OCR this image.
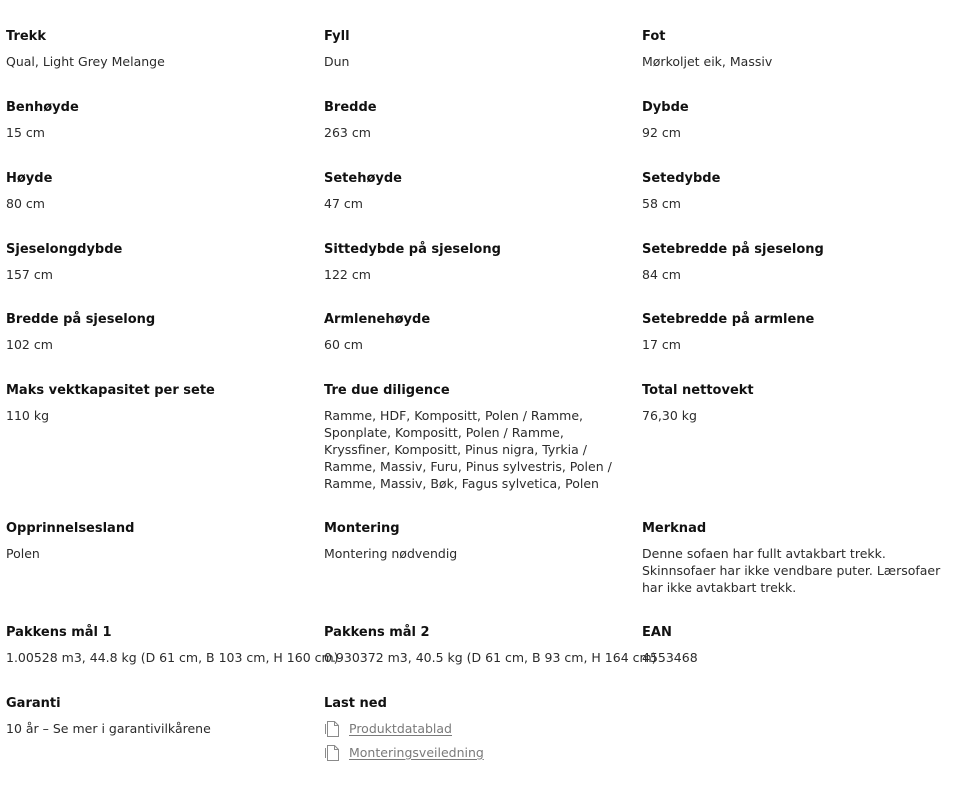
Trekk
Qual, Light Grey Melange
Fyll
Dun
Fot
Mørkoljet eik, Massiv
Benhøyde
15 cm
Bredde
263 cm
Dybde
92 cm
Høyde
80 cm
Setehøyde
47 cm
Setedybde
58 cm
Sjeselongdybde
157 cm
Sittedybde på sjeselong
122 cm
Setebredde på sjeselong
84 cm
Bredde på sjeselong
102 cm
Armlenehøyde
60 cm
Setebredde på armlene
17 cm
Maks vektkapasitet per sete
110 kg
Tre due diligence
Ramme, HDF, Kompositt, Polen / Ramme, Sponplate, Kompositt, Polen / Ramme, Kryssfiner, Kompositt, Pinus nigra, Tyrkia / Ramme, Massiv, Furu, Pinus sylvestris, Polen / Ramme, Massiv, Bøk, Fagus sylvetica, Polen
Total nettovekt
76,30 kg
Opprinnelsesland
Polen
Montering
Montering nødvendig
Merknad
Denne sofaen har fullt avtakbart trekk. Skinnsofaer har ikke vendbare puter. Lærsofaer har ikke avtakbart trekk.
Pakkens mål 1
1.00528 m3, 44.8 kg (D 61 cm, B 103 cm, H 160 cm)
Pakkens mål 2
0.930372 m3, 40.5 kg (D 61 cm, B 93 cm, H 164 cm)
EAN
4553468
Garanti
10 år – Se mer i garantivilkårene
Last ned
Produktdatablad
Monteringsveiledning
